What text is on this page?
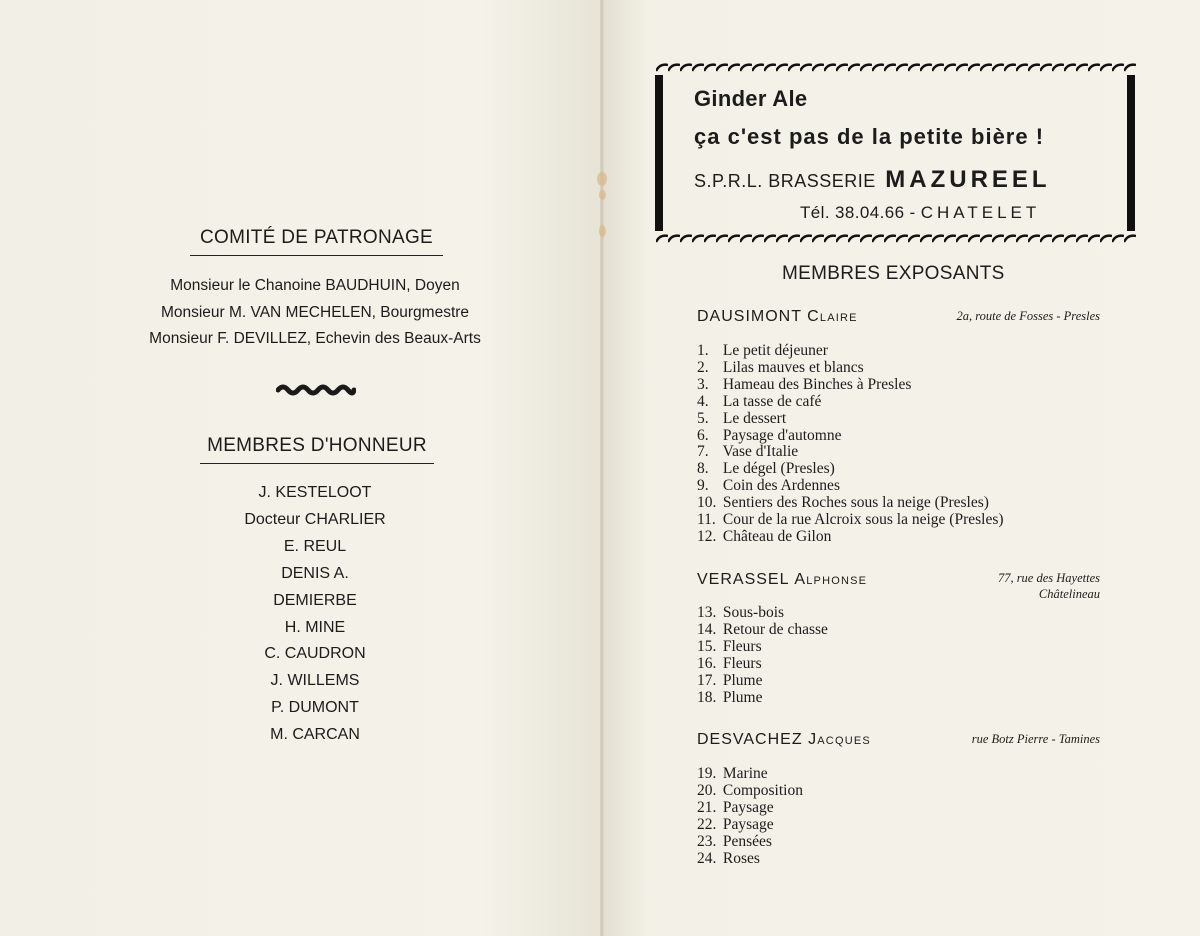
COMITÉ DE PATRONAGE
Monsieur le Chanoine BAUDHUIN, Doyen
Monsieur M. VAN MECHELEN, Bourgmestre
Monsieur F. DEVILLEZ, Echevin des Beaux-Arts
MEMBRES D'HONNEUR
J. KESTELOOT
Docteur CHARLIER
E. REUL
DENIS A.
DEMIERBE
H. MINE
C. CAUDRON
J. WILLEMS
P. DUMONT
M. CARCAN
Ginder Ale
ça c'est pas de la petite bière !
S.P.R.L. BRASSERIE MAZUREEL
Tél. 38.04.66 - CHATELET
MEMBRES EXPOSANTS
DAUSIMONT Claire	2a, route de Fosses - Presles
1. Le petit déjeuner
2. Lilas mauves et blancs
3. Hameau des Binches à Presles
4. La tasse de café
5. Le dessert
6. Paysage d'automne
7. Vase d'Italie
8. Le dégel (Presles)
9. Coin des Ardennes
10. Sentiers des Roches sous la neige (Presles)
11. Cour de la rue Alcroix sous la neige (Presles)
12. Château de Gilon
VERASSEL Alphonse	77, rue des Hayettes
Châtelineau
13. Sous-bois
14. Retour de chasse
15. Fleurs
16. Fleurs
17. Plume
18. Plume
DESVACHEZ Jacques	rue Botz Pierre - Tamines
19. Marine
20. Composition
21. Paysage
22. Paysage
23. Pensées
24. Roses
